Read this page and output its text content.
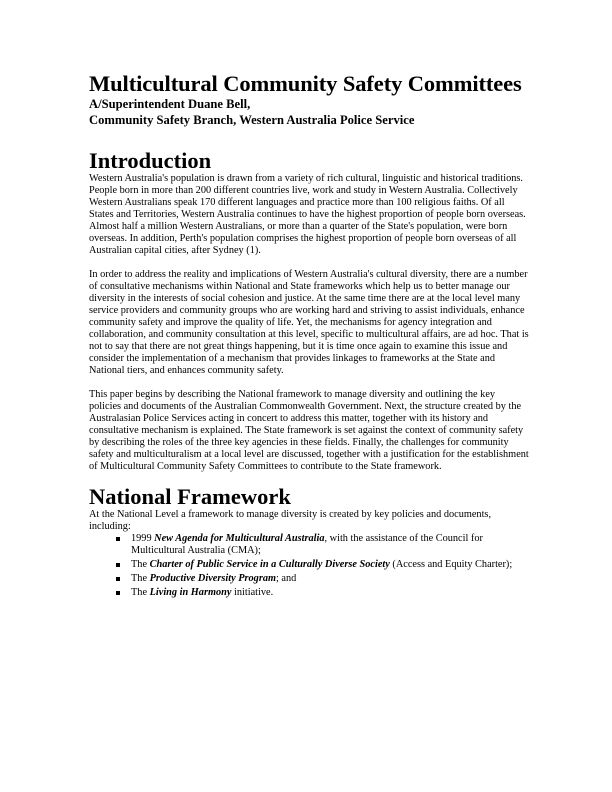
Multicultural Community Safety Committees
A/Superintendent Duane Bell,
Community Safety Branch, Western Australia Police Service
Introduction

Western Australia's population is drawn from a variety of rich cultural, linguistic and historical traditions. People born in more than 200 different countries live, work and study in Western Australia. Collectively Western Australians speak 170 different languages and practice more than 100 religious faiths. Of all States and Territories, Western Australia continues to have the highest proportion of people born overseas. Almost half a million Western Australians, or more than a quarter of the State's population, were born overseas. In addition, Perth's population comprises the highest proportion of people born overseas of all Australian capital cities, after Sydney (1).

In order to address the reality and implications of Western Australia's cultural diversity, there are a number of consultative mechanisms within National and State frameworks which help us to better manage our diversity in the interests of social cohesion and justice. At the same time there are at the local level many service providers and community groups who are working hard and striving to assist individuals, enhance community safety and improve the quality of life. Yet, the mechanisms for agency integration and collaboration, and community consultation at this level, specific to multicultural affairs, are ad hoc. That is not to say that there are not great things happening, but it is time once again to examine this issue and consider the implementation of a mechanism that provides linkages to frameworks at the State and National tiers, and enhances community safety.

This paper begins by describing the National framework to manage diversity and outlining the key policies and documents of the Australian Commonwealth Government. Next, the structure created by the Australasian Police Services acting in concert to address this matter, together with its history and consultative mechanism is explained. The State framework is set against the context of community safety by describing the roles of the three key agencies in these fields. Finally, the challenges for community safety and multiculturalism at a local level are discussed, together with a justification for the establishment of Multicultural Community Safety Committees to contribute to the State framework.

National Framework

At the National Level a framework to manage diversity is created by key policies and documents, including:

1999 New Agenda for Multicultural Australia, with the assistance of the Council for Multicultural Australia (CMA);
The Charter of Public Service in a Culturally Diverse Society (Access and Equity Charter);
The Productive Diversity Program; and
The Living in Harmony initiative.
